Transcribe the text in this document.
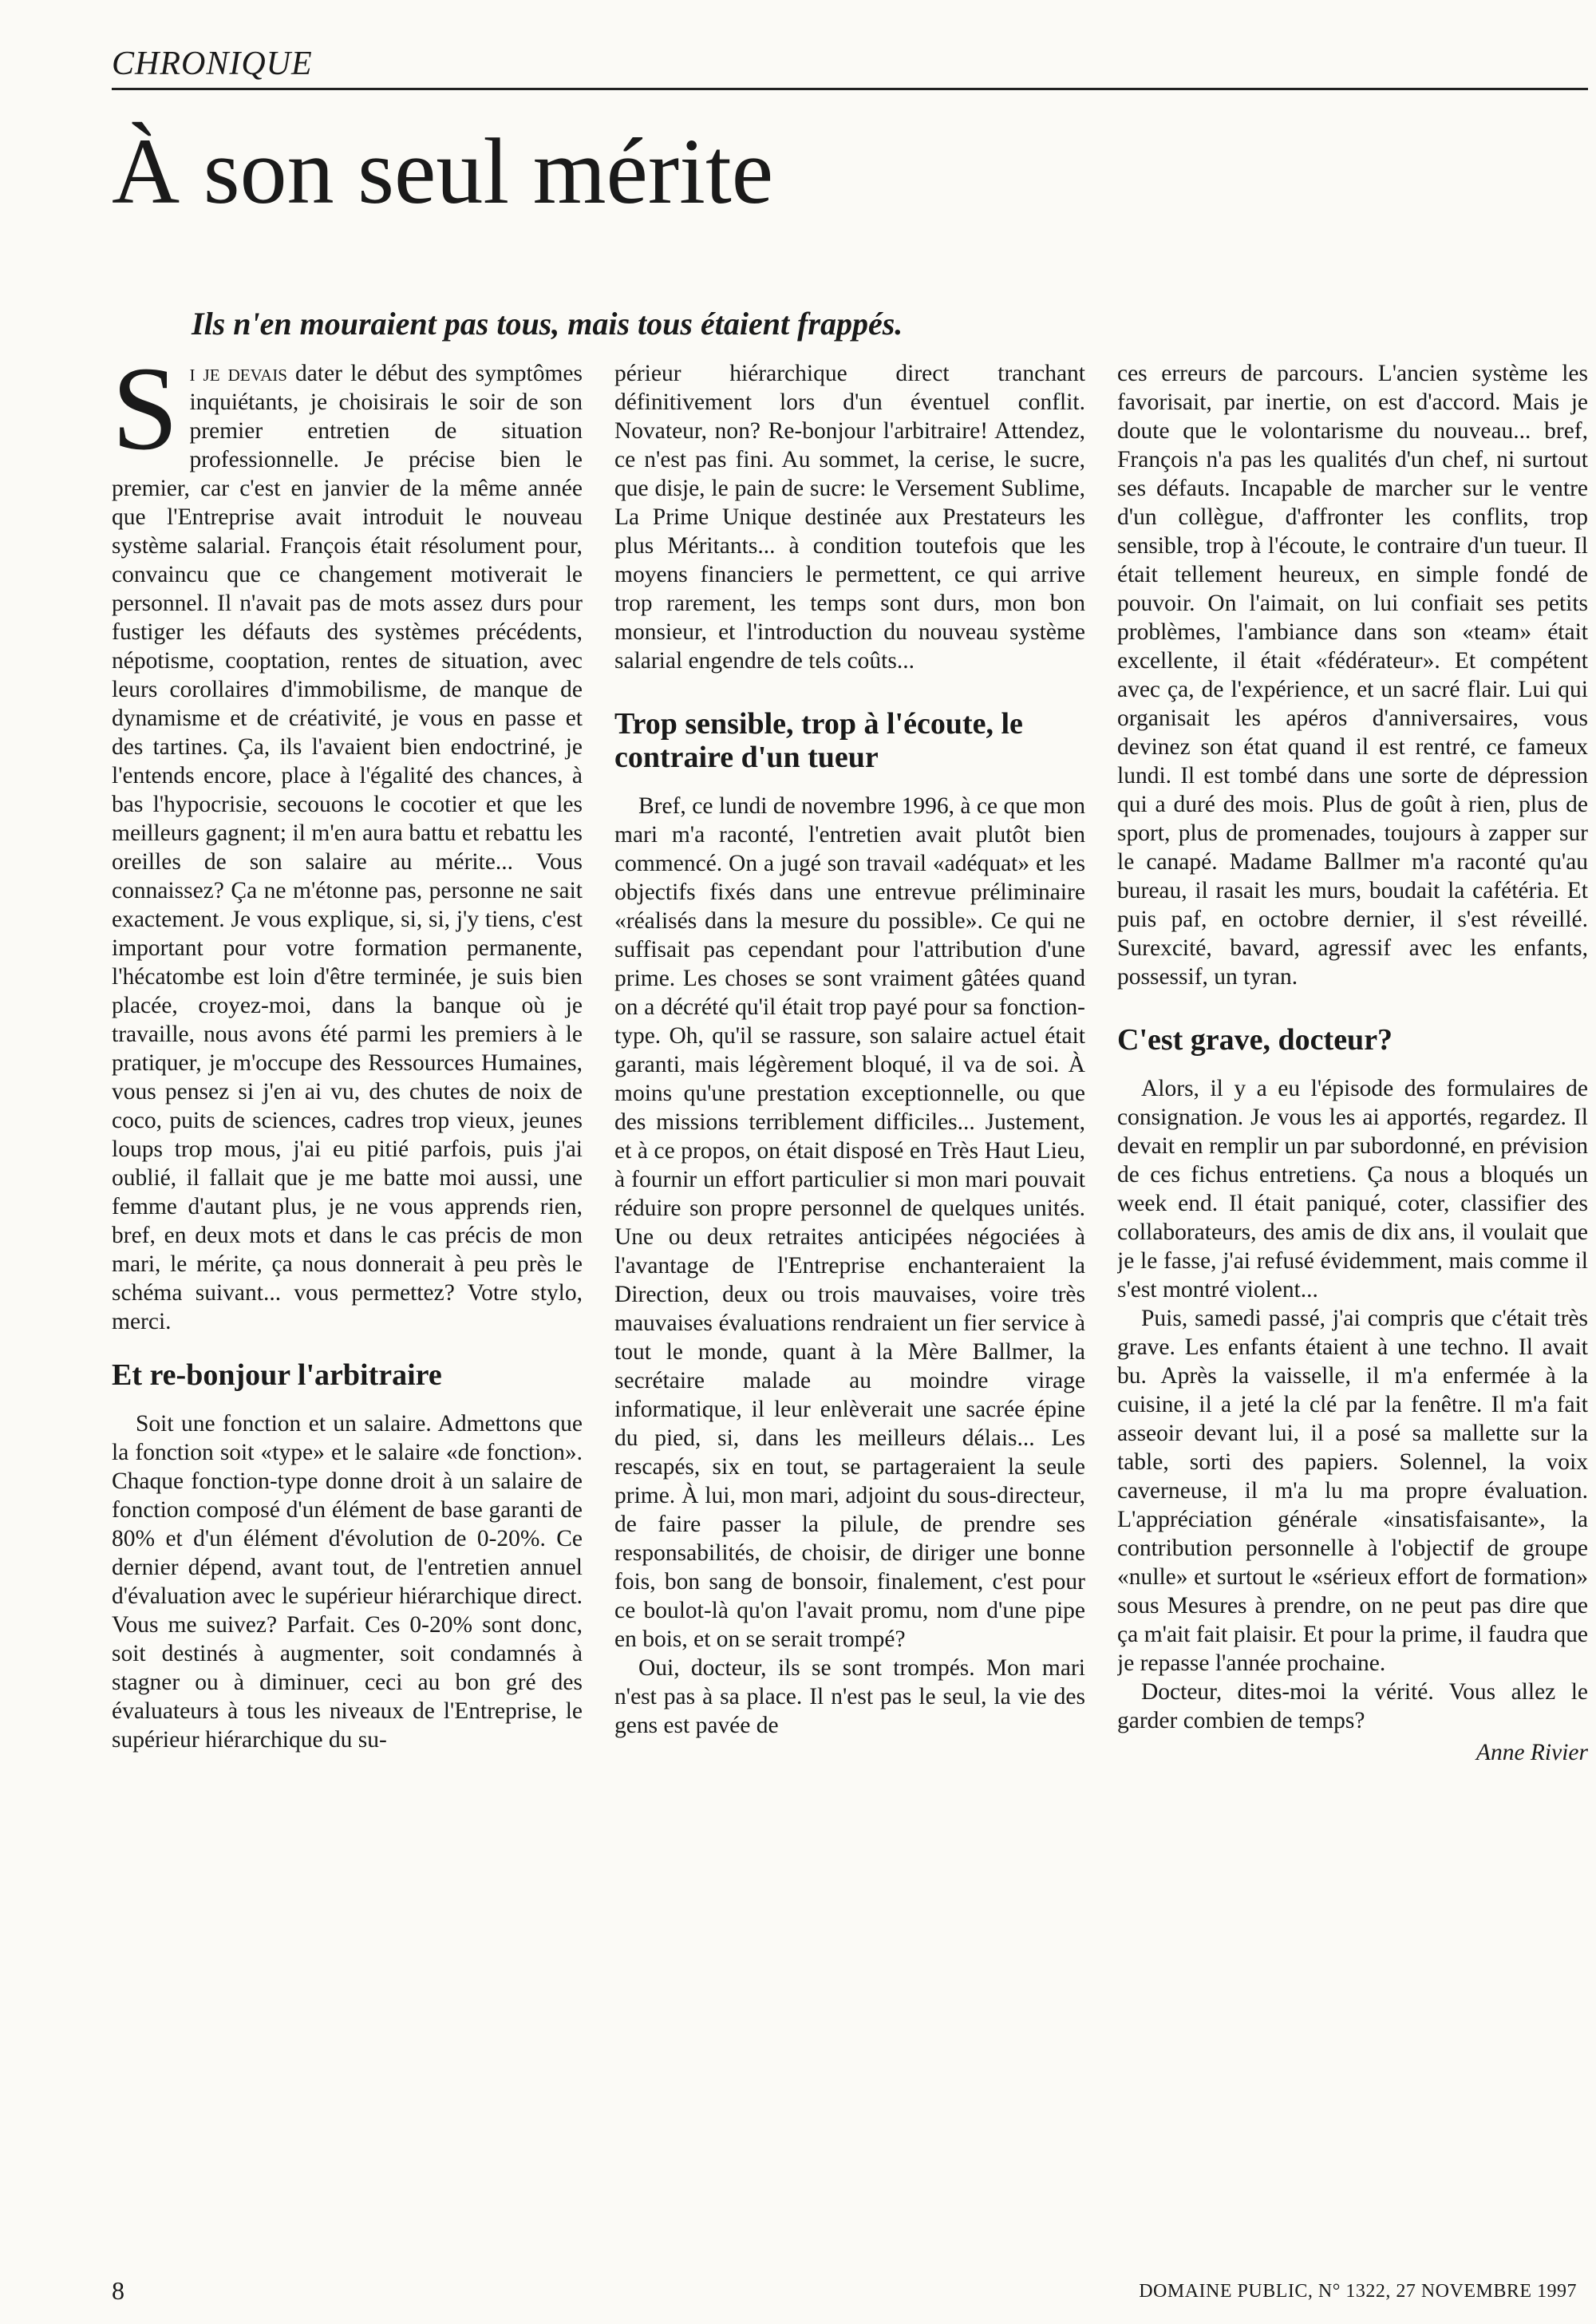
CHRONIQUE
À son seul mérite
Ils n'en mouraient pas tous, mais tous étaient frappés.

S i je devais dater le début des symptômes inquiétants, je choisirais le soir de son premier entretien de situation professionnelle. Je précise bien le premier, car c'est en janvier de la même année que l'Entreprise avait introduit le nouveau système salarial. François était résolument pour, convaincu que ce changement motiverait le personnel. Il n'avait pas de mots assez durs pour fustiger les défauts des systèmes précédents, népotisme, cooptation, rentes de situation, avec leurs corollaires d'immobilisme, de manque de dynamisme et de créativité, je vous en passe et des tartines. Ça, ils l'avaient bien endoctriné, je l'entends encore, place à l'égalité des chances, à bas l'hypocrisie, secouons le cocotier et que les meilleurs gagnent; il m'en aura battu et rebattu les oreilles de son salaire au mérite... Vous connaissez? Ça ne m'étonne pas, personne ne sait exactement. Je vous explique, si, si, j'y tiens, c'est important pour votre formation permanente, l'hécatombe est loin d'être terminée, je suis bien placée, croyez-moi, dans la banque où je travaille, nous avons été parmi les premiers à le pratiquer, je m'occupe des Ressources Humaines, vous pensez si j'en ai vu, des chutes de noix de coco, puits de sciences, cadres trop vieux, jeunes loups trop mous, j'ai eu pitié parfois, puis j'ai oublié, il fallait que je me batte moi aussi, une femme d'autant plus, je ne vous apprends rien, bref, en deux mots et dans le cas précis de mon mari, le mérite, ça nous donnerait à peu près le schéma suivant... vous permettez? Votre stylo, merci.

Et re-bonjour l'arbitraire

Soit une fonction et un salaire. Admettons que la fonction soit «type» et le salaire «de fonction». Chaque fonction-type donne droit à un salaire de fonction composé d'un élément de base garanti de 80% et d'un élément d'évolution de 0-20%. Ce dernier dépend, avant tout, de l'entretien annuel d'évaluation avec le supérieur hiérarchique direct. Vous me suivez? Parfait. Ces 0-20% sont donc, soit destinés à augmenter, soit condamnés à stagner ou à diminuer, ceci au bon gré des évaluateurs à tous les niveaux de l'Entreprise, le supérieur hiérarchique du su-

périeur hiérarchique direct tranchant définitivement lors d'un éventuel conflit. Novateur, non? Re-bonjour l'arbitraire! Attendez, ce n'est pas fini. Au sommet, la cerise, le sucre, que disje, le pain de sucre: le Versement Sublime, La Prime Unique destinée aux Prestateurs les plus Méritants... à condition toutefois que les moyens financiers le permettent, ce qui arrive trop rarement, les temps sont durs, mon bon monsieur, et l'introduction du nouveau système salarial engendre de tels coûts...

Trop sensible, trop à l'écoute, le contraire d'un tueur

Bref, ce lundi de novembre 1996, à ce que mon mari m'a raconté, l'entretien avait plutôt bien commencé. On a jugé son travail «adéquat» et les objectifs fixés dans une entrevue préliminaire «réalisés dans la mesure du possible». Ce qui ne suffisait pas cependant pour l'attribution d'une prime. Les choses se sont vraiment gâtées quand on a décrété qu'il était trop payé pour sa fonction-type. Oh, qu'il se rassure, son salaire actuel était garanti, mais légèrement bloqué, il va de soi. À moins qu'une prestation exceptionnelle, ou que des missions terriblement difficiles... Justement, et à ce propos, on était disposé en Très Haut Lieu, à fournir un effort particulier si mon mari pouvait réduire son propre personnel de quelques unités. Une ou deux retraites anticipées négociées à l'avantage de l'Entreprise enchanteraient la Direction, deux ou trois mauvaises, voire très mauvaises évaluations rendraient un fier service à tout le monde, quant à la Mère Ballmer, la secrétaire malade au moindre virage informatique, il leur enlèverait une sacrée épine du pied, si, dans les meilleurs délais... Les rescapés, six en tout, se partageraient la seule prime. À lui, mon mari, adjoint du sous-directeur, de faire passer la pilule, de prendre ses responsabilités, de choisir, de diriger une bonne fois, bon sang de bonsoir, finalement, c'est pour ce boulot-là qu'on l'avait promu, nom d'une pipe en bois, et on se serait trompé?

Oui, docteur, ils se sont trompés. Mon mari n'est pas à sa place. Il n'est pas le seul, la vie des gens est pavée de

ces erreurs de parcours. L'ancien système les favorisait, par inertie, on est d'accord. Mais je doute que le volontarisme du nouveau... bref, François n'a pas les qualités d'un chef, ni surtout ses défauts. Incapable de marcher sur le ventre d'un collègue, d'affronter les conflits, trop sensible, trop à l'écoute, le contraire d'un tueur. Il était tellement heureux, en simple fondé de pouvoir. On l'aimait, on lui confiait ses petits problèmes, l'ambiance dans son «team» était excellente, il était «fédérateur». Et compétent avec ça, de l'expérience, et un sacré flair. Lui qui organisait les apéros d'anniversaires, vous devinez son état quand il est rentré, ce fameux lundi. Il est tombé dans une sorte de dépression qui a duré des mois. Plus de goût à rien, plus de sport, plus de promenades, toujours à zapper sur le canapé. Madame Ballmer m'a raconté qu'au bureau, il rasait les murs, boudait la cafétéria. Et puis paf, en octobre dernier, il s'est réveillé. Surexcité, bavard, agressif avec les enfants, possessif, un tyran.

C'est grave, docteur?

Alors, il y a eu l'épisode des formulaires de consignation. Je vous les ai apportés, regardez. Il devait en remplir un par subordonné, en prévision de ces fichus entretiens. Ça nous a bloqués un week end. Il était paniqué, coter, classifier des collaborateurs, des amis de dix ans, il voulait que je le fasse, j'ai refusé évidemment, mais comme il s'est montré violent...

Puis, samedi passé, j'ai compris que c'était très grave. Les enfants étaient à une techno. Il avait bu. Après la vaisselle, il m'a enfermée à la cuisine, il a jeté la clé par la fenêtre. Il m'a fait asseoir devant lui, il a posé sa mallette sur la table, sorti des papiers. Solennel, la voix caverneuse, il m'a lu ma propre évaluation. L'appréciation générale «insatisfaisante», la contribution personnelle à l'objectif de groupe «nulle» et surtout le «sérieux effort de formation» sous Mesures à prendre, on ne peut pas dire que ça m'ait fait plaisir. Et pour la prime, il faudra que je repasse l'année prochaine.

Docteur, dites-moi la vérité. Vous allez le garder combien de temps?

Anne Rivier
8	DOMAINE PUBLIC, N° 1322, 27 NOVEMBRE 1997
